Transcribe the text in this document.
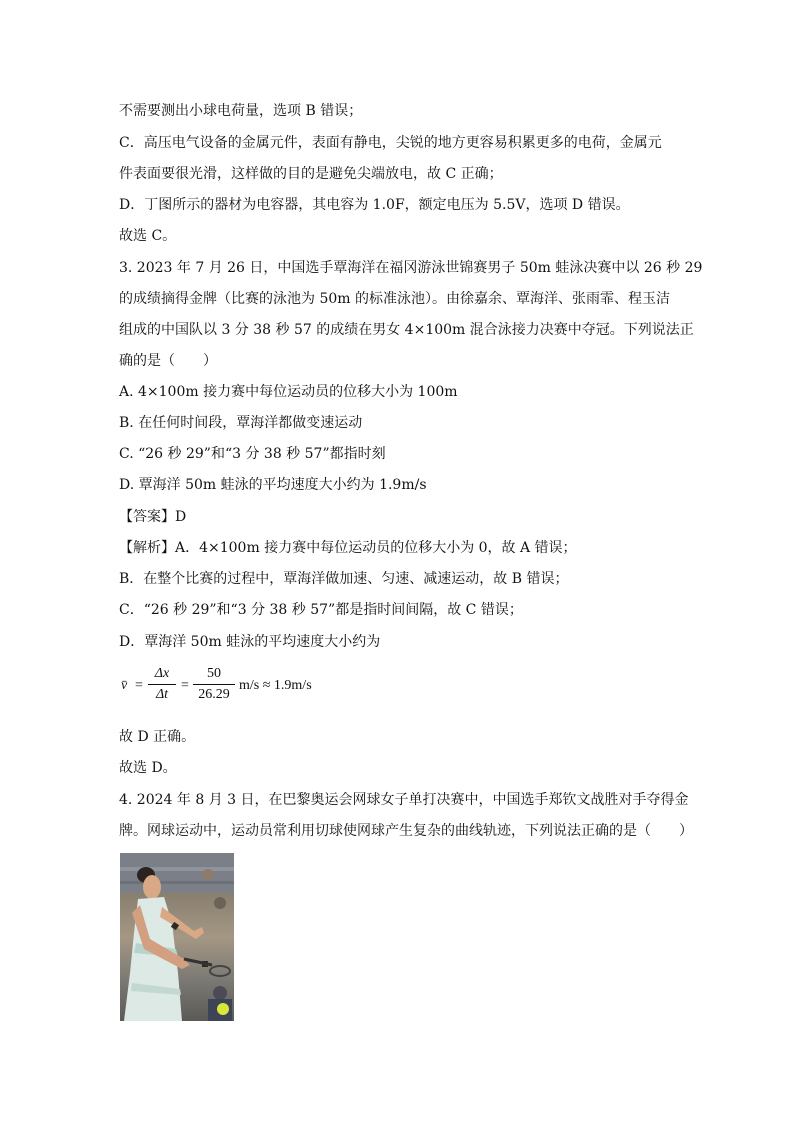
不需要测出小球电荷量，选项 B 错误；
C．高压电气设备的金属元件，表面有静电，尖锐的地方更容易积累更多的电荷，金属元
件表面要很光滑，这样做的目的是避免尖端放电，故 C 正确；
D．丁图所示的器材为电容器，其电容为 1.0F，额定电压为 5.5V，选项 D 错误。
故选 C。
3. 2023 年 7 月 26 日，中国选手覃海洋在福冈游泳世锦赛男子 50m 蛙泳决赛中以 26 秒 29
的成绩摘得金牌（比赛的泳池为 50m 的标准泳池）。由徐嘉余、覃海洋、张雨霏、程玉洁
组成的中国队以 3 分 38 秒 57 的成绩在男女 4×100m 混合泳接力决赛中夺冠。下列说法正
确的是（　　）
A. 4×100m 接力赛中每位运动员的位移大小为 100m
B. 在任何时间段，覃海洋都做变速运动
C. “26 秒 29”和“3 分 38 秒 57”都指时刻
D. 覃海洋 50m 蛙泳的平均速度大小约为 1.9m/s
【答案】D
【解析】A．4×100m 接力赛中每位运动员的位移大小为 0，故 A 错误；
B．在整个比赛的过程中，覃海洋做加速、匀速、减速运动，故 B 错误；
C．“26 秒 29”和“3 分 38 秒 57”都是指时间间隔，故 C 错误；
D．覃海洋 50m 蛙泳的平均速度大小约为
v̄ =
Δx
Δt
=
50
26.29
m/s ≈ 1.9m/s
故 D 正确。
故选 D。
4. 2024 年 8 月 3 日，在巴黎奥运会网球女子单打决赛中，中国选手郑钦文战胜对手夺得金
牌。网球运动中，运动员常利用切球使网球产生复杂的曲线轨迹，下列说法正确的是（　　）
